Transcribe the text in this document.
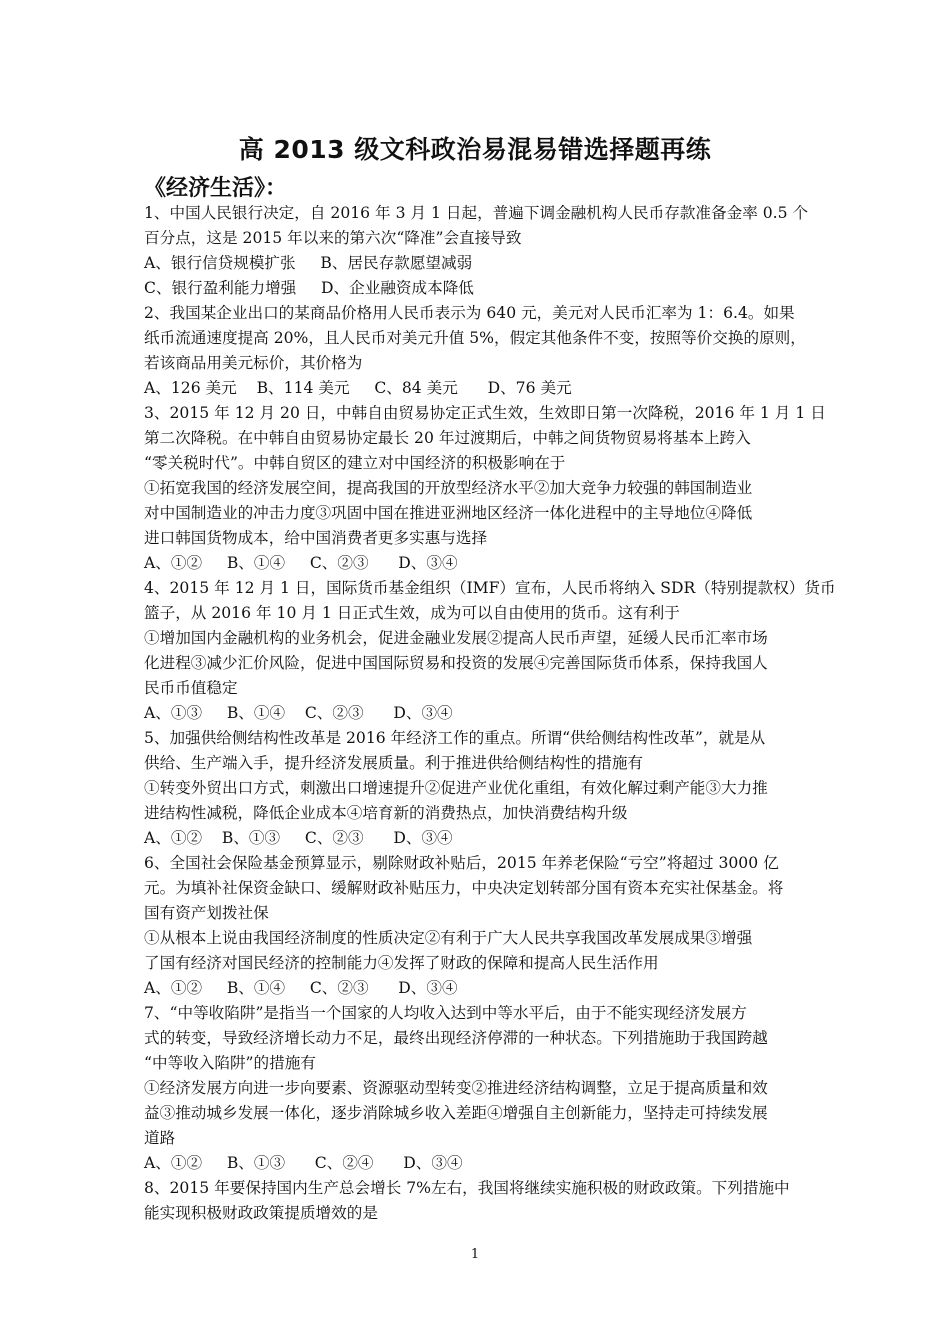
高 2013 级文科政治易混易错选择题再练
《经济生活》：
1、中国人民银行决定，自 2016 年 3 月 1 日起，普遍下调金融机构人民币存款准备金率 0.5 个
百分点，这是 2015 年以来的第六次“降准”会直接导致
A、银行信贷规模扩张     B、居民存款愿望减弱
C、银行盈利能力增强     D、企业融资成本降低
2、我国某企业出口的某商品价格用人民币表示为 640 元，美元对人民币汇率为 1：6.4。如果
纸币流通速度提高 20%，且人民币对美元升值 5%，假定其他条件不变，按照等价交换的原则，
若该商品用美元标价，其价格为
A、126 美元    B、114 美元     C、84 美元      D、76 美元
3、2015 年 12 月 20 日，中韩自由贸易协定正式生效，生效即日第一次降税，2016 年 1 月 1 日
第二次降税。在中韩自由贸易协定最长 20 年过渡期后，中韩之间货物贸易将基本上跨入
“零关税时代”。中韩自贸区的建立对中国经济的积极影响在于
①拓宽我国的经济发展空间，提高我国的开放型经济水平②加大竞争力较强的韩国制造业
对中国制造业的冲击力度③巩固中国在推进亚洲地区经济一体化进程中的主导地位④降低
进口韩国货物成本，给中国消费者更多实惠与选择
A、①②     B、①④     C、②③      D、③④
4、2015 年 12 月 1 日，国际货币基金组织（IMF）宣布，人民币将纳入 SDR（特别提款权）货币
篮子，从 2016 年 10 月 1 日正式生效，成为可以自由使用的货币。这有利于
①增加国内金融机构的业务机会，促进金融业发展②提高人民币声望，延缓人民币汇率市场
化进程③减少汇价风险，促进中国国际贸易和投资的发展④完善国际货币体系，保持我国人
民币币值稳定
A、①③     B、①④    C、②③      D、③④
5、加强供给侧结构性改革是 2016 年经济工作的重点。所谓“供给侧结构性改革”，就是从
供给、生产端入手，提升经济发展质量。利于推进供给侧结构性的措施有
①转变外贸出口方式，刺激出口增速提升②促进产业优化重组，有效化解过剩产能③大力推
进结构性减税，降低企业成本④培育新的消费热点，加快消费结构升级
A、①②    B、①③     C、②③      D、③④
6、全国社会保险基金预算显示，剔除财政补贴后，2015 年养老保险“亏空”将超过 3000 亿
元。为填补社保资金缺口、缓解财政补贴压力，中央决定划转部分国有资本充实社保基金。将
国有资产划拨社保
①从根本上说由我国经济制度的性质决定②有利于广大人民共享我国改革发展成果③增强
了国有经济对国民经济的控制能力④发挥了财政的保障和提高人民生活作用
A、①②     B、①④     C、②③      D、③④
7、“中等收陷阱”是指当一个国家的人均收入达到中等水平后，由于不能实现经济发展方
式的转变，导致经济增长动力不足，最终出现经济停滞的一种状态。下列措施助于我国跨越
“中等收入陷阱”的措施有
①经济发展方向进一步向要素、资源驱动型转变②推进经济结构调整，立足于提高质量和效
益③推动城乡发展一体化，逐步消除城乡收入差距④增强自主创新能力，坚持走可持续发展
道路
A、①②     B、①③      C、②④      D、③④
8、2015 年要保持国内生产总会增长 7%左右，我国将继续实施积极的财政政策。下列措施中
能实现积极财政政策提质增效的是
1
